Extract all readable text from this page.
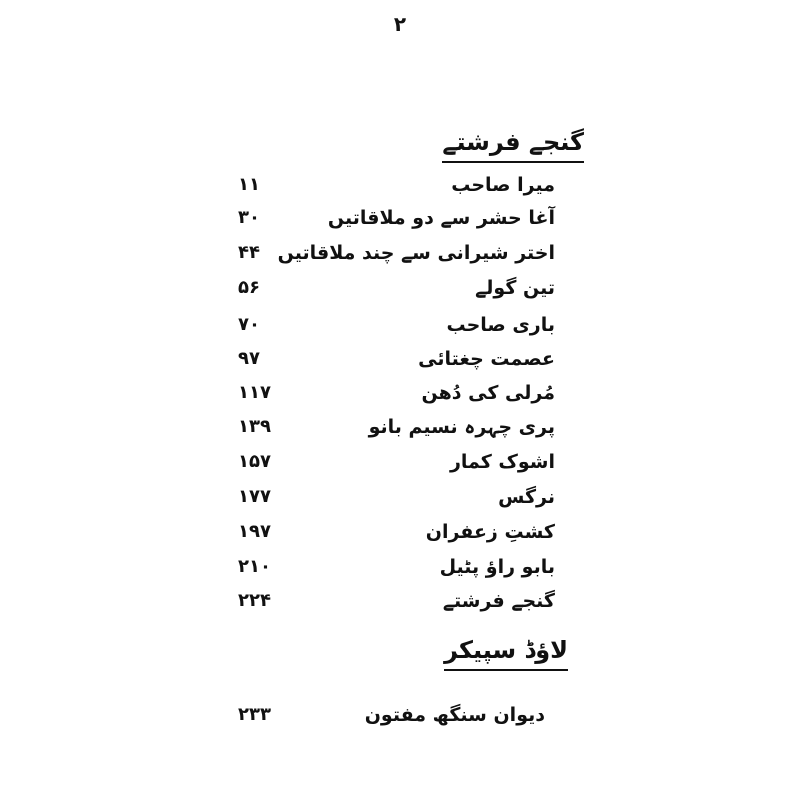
۲
گنجے فرشتے
میرا صاحب
۱۱
آغا حشر سے دو ملاقاتیں
۳۰
اختر شیرانی سے چند ملاقاتیں
۴۴
تین گولے
۵۶
باری صاحب
۷۰
عصمت چغتائی
۹۷
مُرلی کی دُھن
۱۱۷
پری چہرہ نسیم بانو
۱۳۹
اشوک کمار
۱۵۷
نرگس
۱۷۷
کشتِ زعفران
۱۹۷
بابو راؤ پٹیل
۲۱۰
گنجے فرشتے
۲۲۴
لاؤڈ سپیکر
دیوان سنگھ مفتون
۲۳۳
